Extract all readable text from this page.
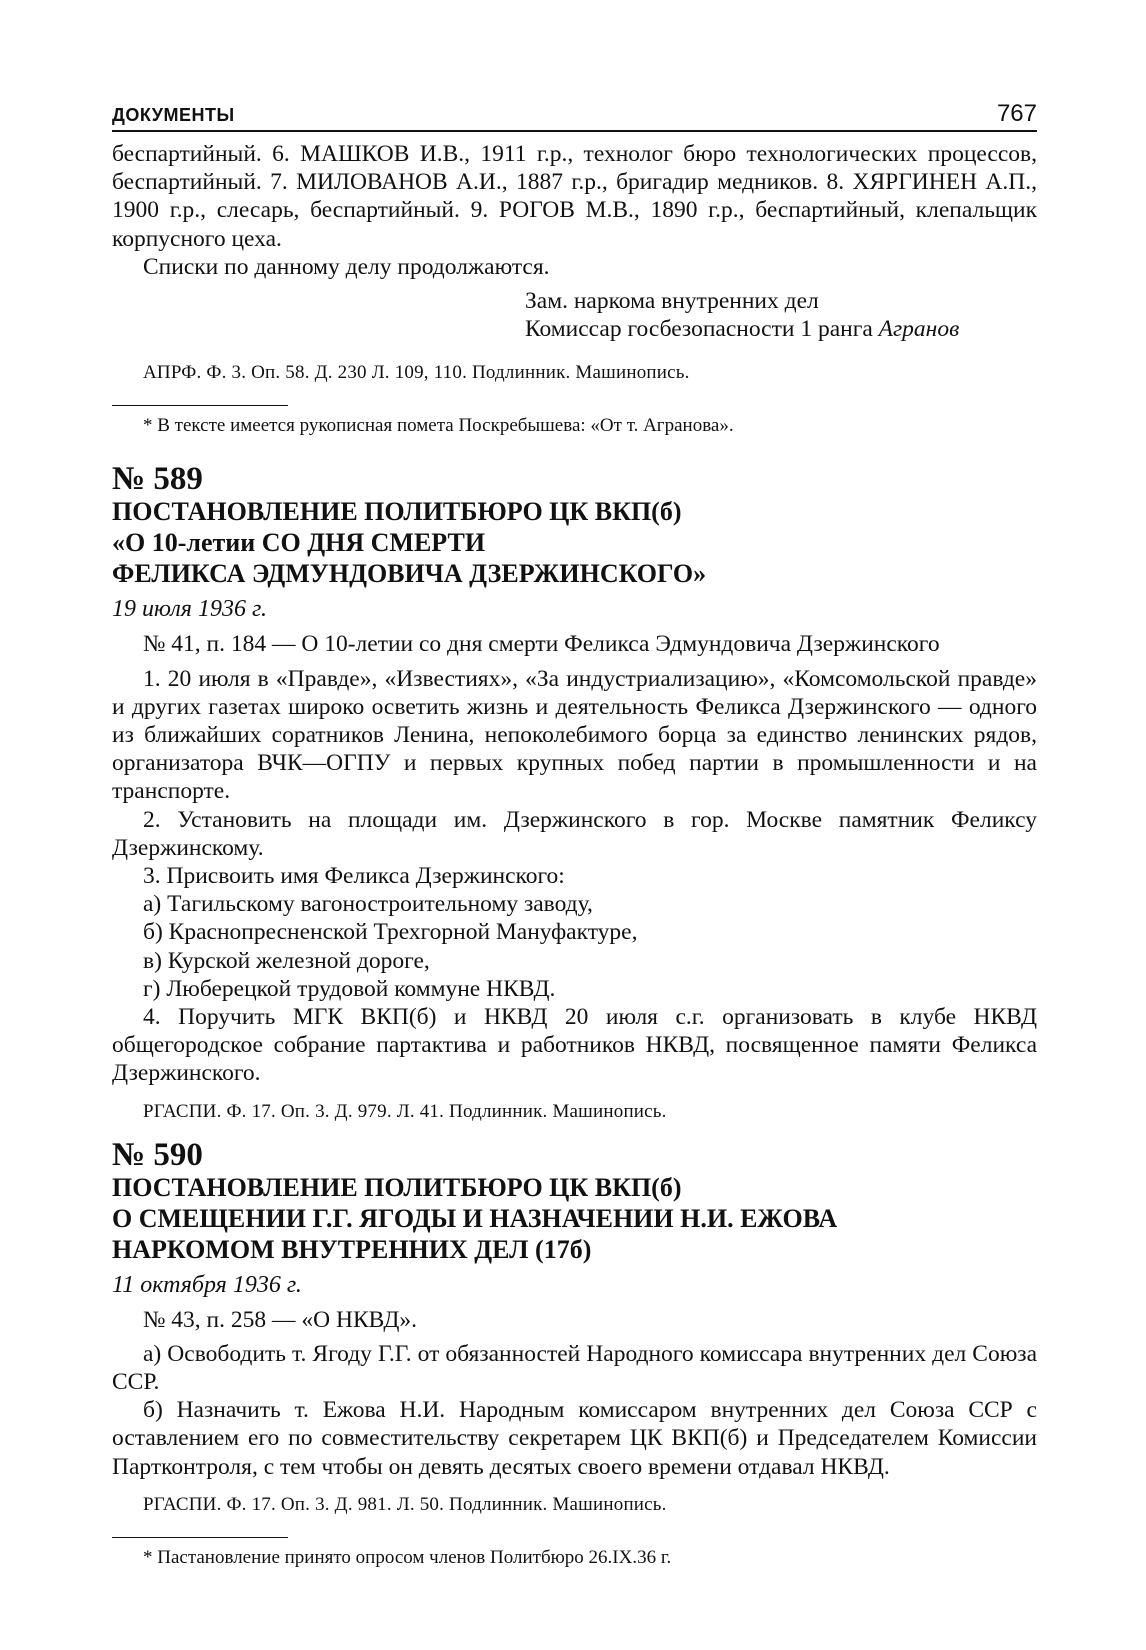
ДОКУМЕНТЫ	767

беспартийный. 6. МАШКОВ И.В., 1911 г.р., технолог бюро технологических процессов, беспартийный. 7. МИЛОВАНОВ А.И., 1887 г.р., бригадир медников. 8. ХЯРГИНЕН А.П., 1900 г.р., слесарь, беспартийный. 9. РОГОВ М.В., 1890 г.р., беспартийный, клепальщик корпусного цеха.

Списки по данному делу продолжаются.

Зам. наркома внутренних дел

Комиссар госбезопасности 1 ранга Агранов

АПРФ. Ф. 3. Оп. 58. Д. 230 Л. 109, 110. Подлинник. Машинопись.

* В тексте имеется рукописная помета Поскребышева: «От т. Агранова».

№ 589

ПОСТАНОВЛЕНИЕ ПОЛИТБЮРО ЦК ВКП(б)

«О 10-летии СО ДНЯ СМЕРТИ

ФЕЛИКСА ЭДМУНДОВИЧА ДЗЕРЖИНСКОГО»

19 июля 1936 г.

№ 41, п. 184 — О 10-летии со дня смерти Феликса Эдмундовича Дзержинского

1. 20 июля в «Правде», «Известиях», «За индустриализацию», «Комсомольской правде» и других газетах широко осветить жизнь и деятельность Феликса Дзержинского — одного из ближайших соратников Ленина, непоколебимого борца за единство ленинских рядов, организатора ВЧК—ОГПУ и первых крупных побед партии в промышленности и на транспорте.

2. Установить на площади им. Дзержинского в гор. Москве памятник Феликсу Дзержинскому.

3. Присвоить имя Феликса Дзержинского:

а) Тагильскому вагоностроительному заводу,

б) Краснопресненской Трехгорной Мануфактуре,

в) Курской железной дороге,

г) Люберецкой трудовой коммуне НКВД.

4. Поручить МГК ВКП(б) и НКВД 20 июля с.г. организовать в клубе НКВД общегородское собрание партактива и работников НКВД, посвященное памяти Феликса Дзержинского.

РГАСПИ. Ф. 17. Оп. 3. Д. 979. Л. 41. Подлинник. Машинопись.

№ 590

ПОСТАНОВЛЕНИЕ ПОЛИТБЮРО ЦК ВКП(б)

О СМЕЩЕНИИ Г.Г. ЯГОДЫ И НАЗНАЧЕНИИ Н.И. ЕЖОВА

НАРКОМОМ ВНУТРЕННИХ ДЕЛ (17б)

11 октября 1936 г.

№ 43, п. 258 — «О НКВД».

а) Освободить т. Ягоду Г.Г. от обязанностей Народного комиссара внутренних дел Союза ССР.

б) Назначить т. Ежова Н.И. Народным комиссаром внутренних дел Союза ССР с оставлением его по совместительству секретарем ЦК ВКП(б) и Председателем Комиссии Партконтроля, с тем чтобы он девять десятых своего времени отдавал НКВД.

РГАСПИ. Ф. 17. Оп. 3. Д. 981. Л. 50. Подлинник. Машинопись.

* Пастановление принято опросом членов Политбюро 26.IX.36 г.
